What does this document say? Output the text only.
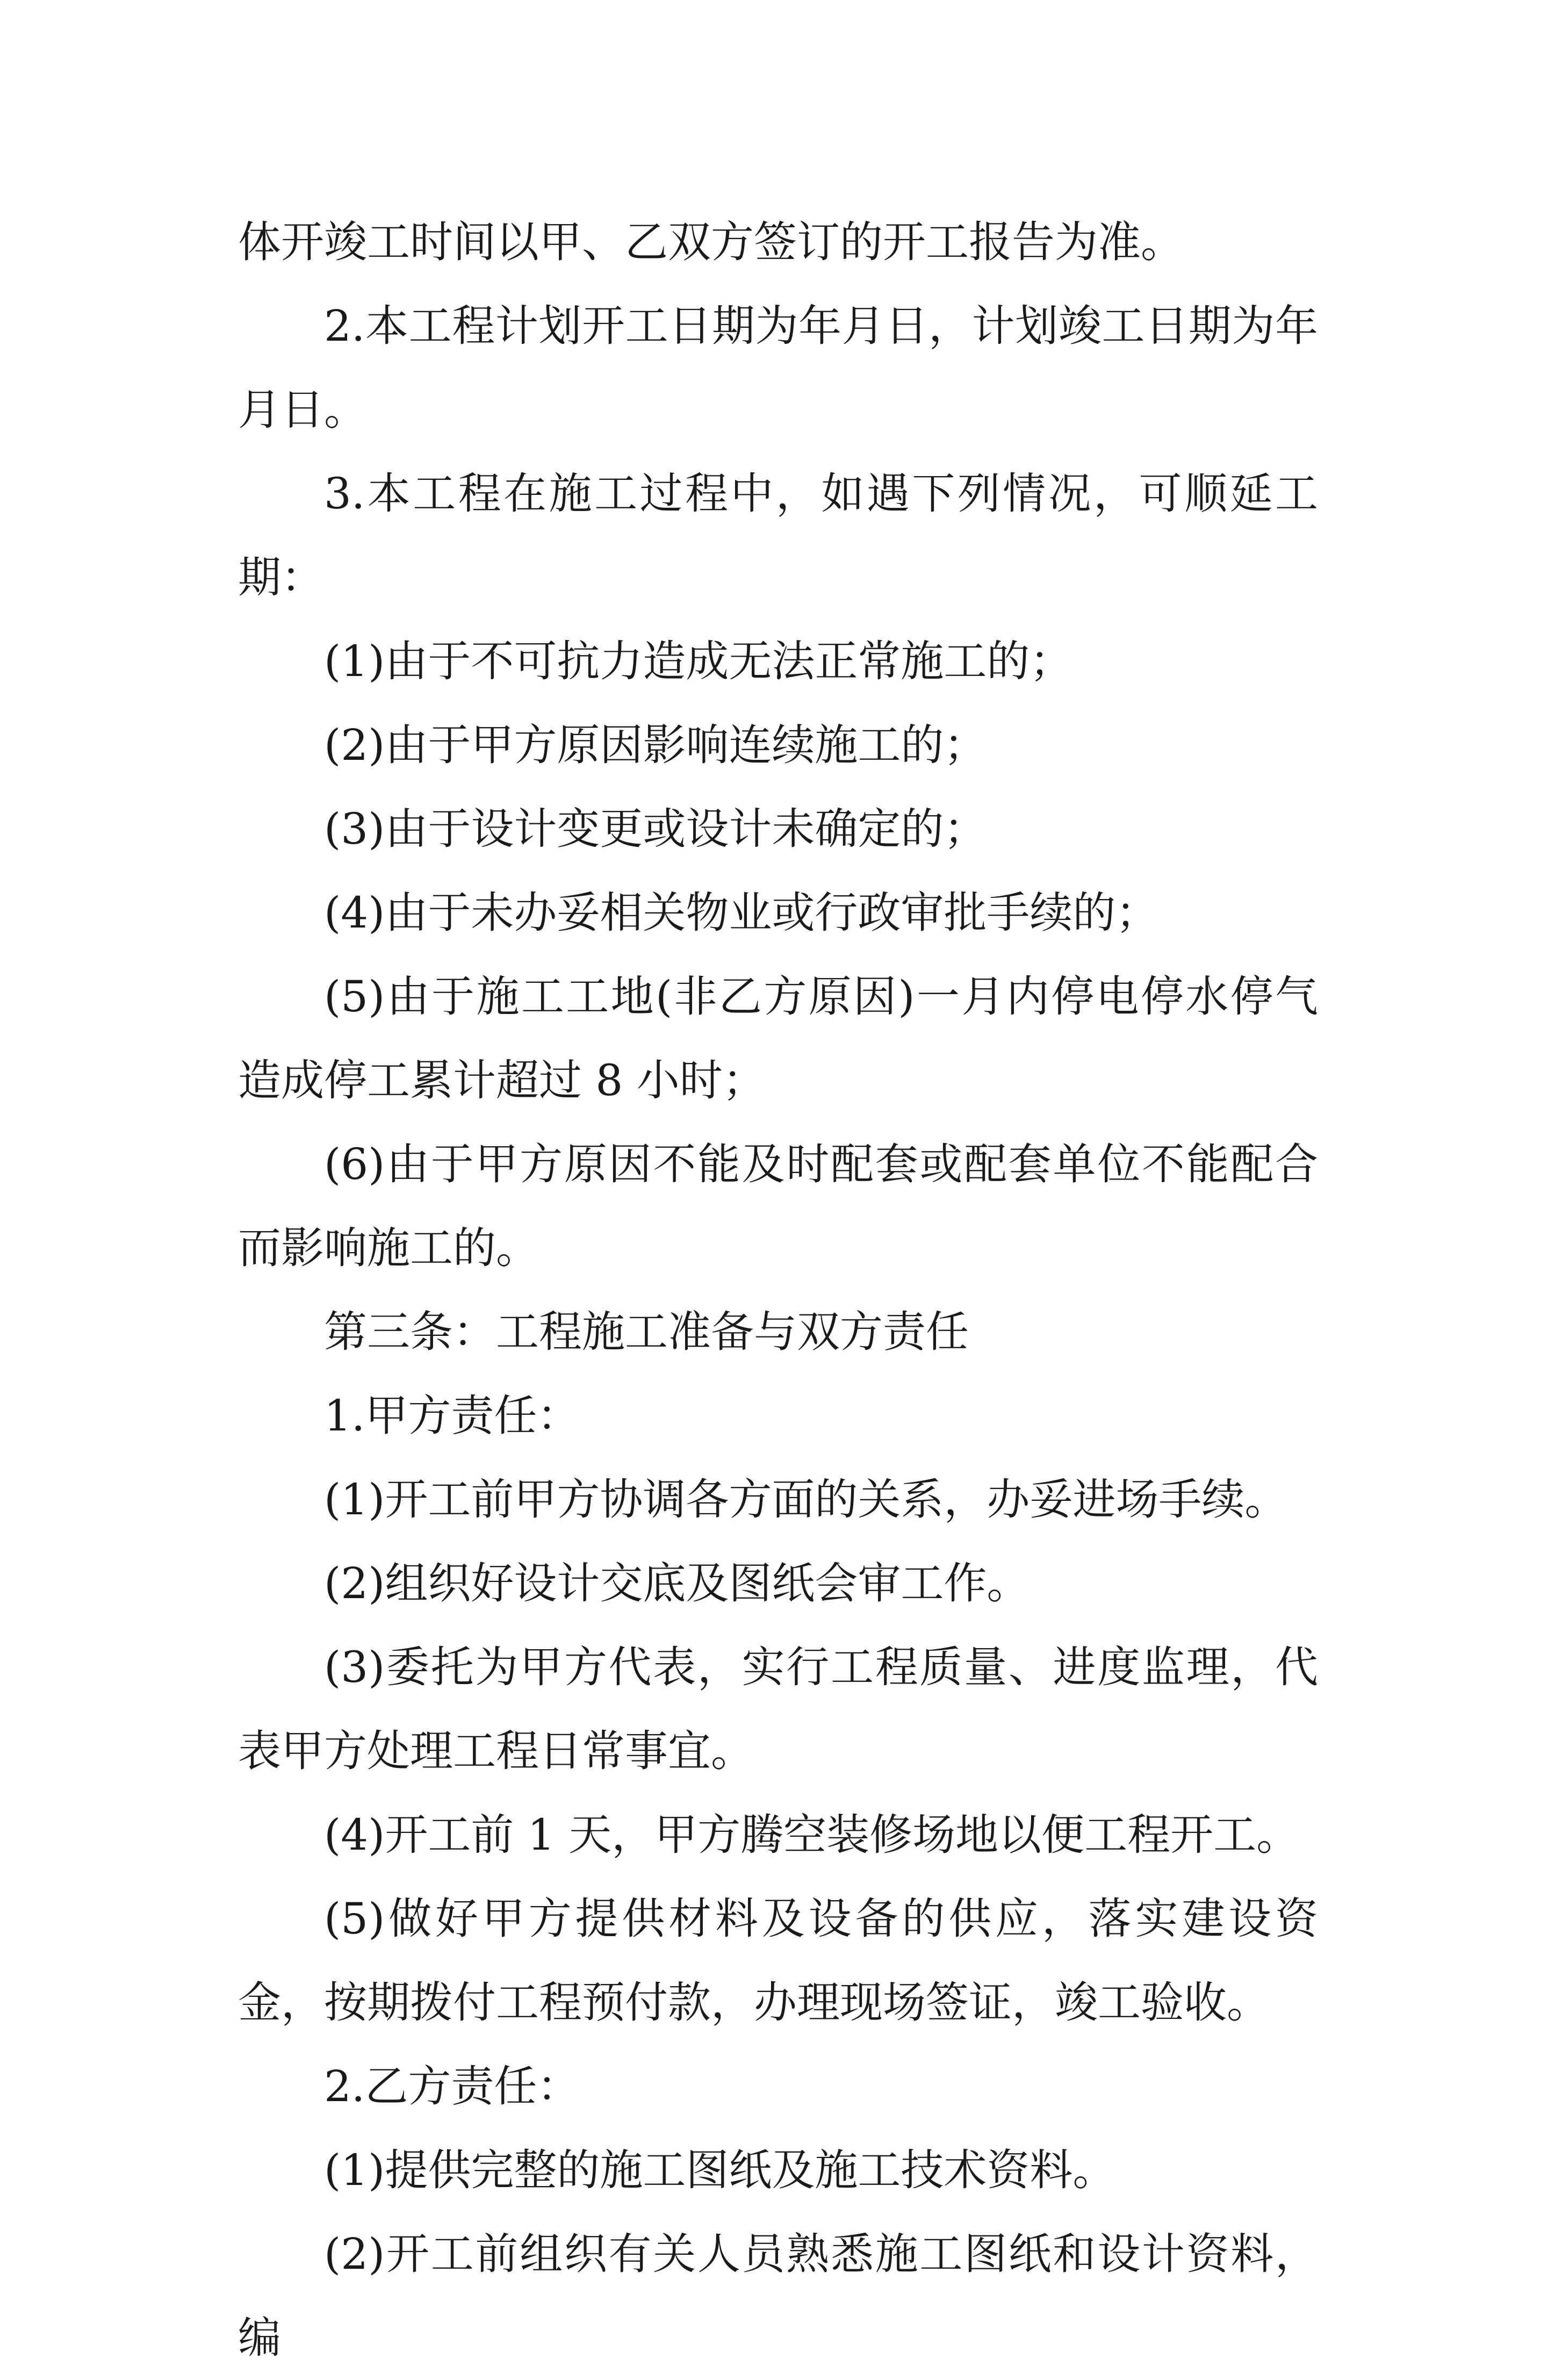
体开竣工时间以甲、乙双方签订的开工报告为准。

2.本工程计划开工日期为年月日，计划竣工日期为年月日。

3.本工程在施工过程中，如遇下列情况，可顺延工期：

(1)由于不可抗力造成无法正常施工的；

(2)由于甲方原因影响连续施工的；

(3)由于设计变更或设计未确定的；

(4)由于未办妥相关物业或行政审批手续的；

(5)由于施工工地(非乙方原因)一月内停电停水停气造成停工累计超过 8 小时；

(6)由于甲方原因不能及时配套或配套单位不能配合而影响施工的。

第三条：工程施工准备与双方责任

1.甲方责任：

(1)开工前甲方协调各方面的关系，办妥进场手续。

(2)组织好设计交底及图纸会审工作。

(3)委托为甲方代表，实行工程质量、进度监理，代表甲方处理工程日常事宜。

(4)开工前 1 天，甲方腾空装修场地以便工程开工。

(5)做好甲方提供材料及设备的供应，落实建设资金，按期拨付工程预付款，办理现场签证，竣工验收。

2.乙方责任：

(1)提供完整的施工图纸及施工技术资料。

(2)开工前组织有关人员熟悉施工图纸和设计资料，编
